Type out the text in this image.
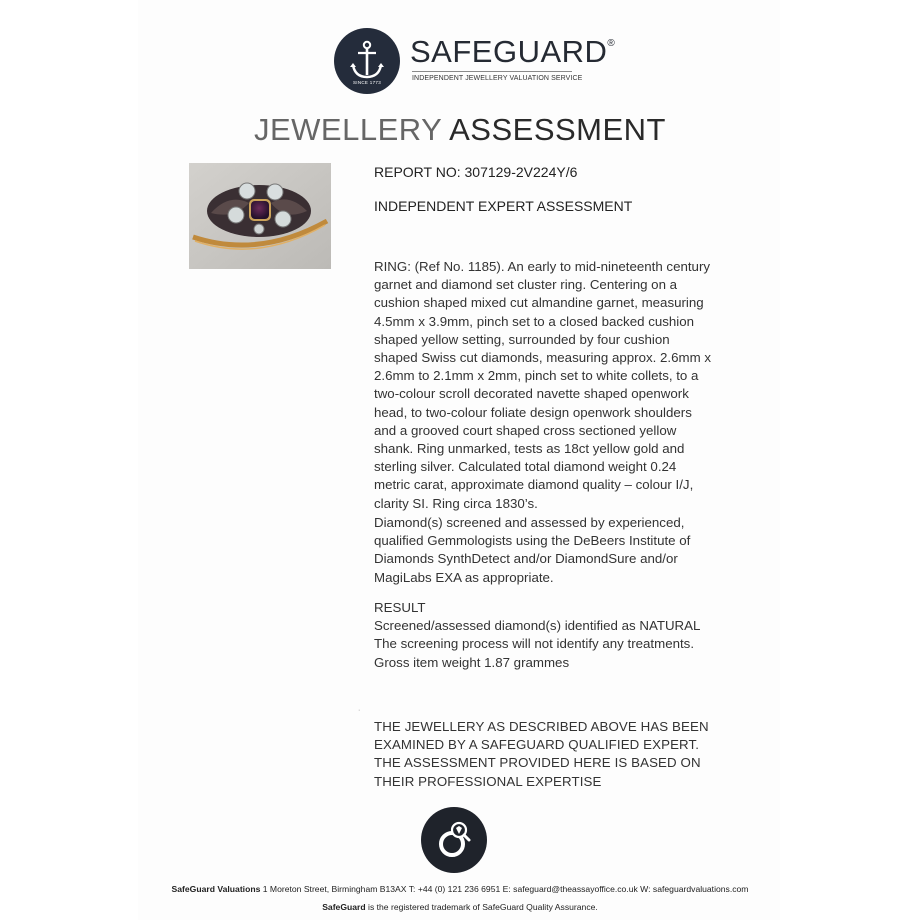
SINCE 1773
SAFEGUARD®
INDEPENDENT JEWELLERY VALUATION SERVICE
JEWELLERY ASSESSMENT
REPORT NO: 307129-2V224Y/6
INDEPENDENT EXPERT ASSESSMENT
RING: (Ref No. 1185). An early to mid-nineteenth century garnet and diamond set cluster ring. Centering on a cushion shaped mixed cut almandine garnet, measuring 4.5mm x 3.9mm, pinch set to a closed backed cushion shaped yellow setting, surrounded by four cushion shaped Swiss cut diamonds, measuring approx. 2.6mm x 2.6mm to 2.1mm x 2mm, pinch set to white collets, to a two-colour scroll decorated navette shaped openwork head, to two-colour foliate design openwork shoulders and a grooved court shaped cross sectioned yellow shank. Ring unmarked, tests as 18ct yellow gold and sterling silver. Calculated total diamond weight 0.24 metric carat, approximate diamond quality – colour I/J, clarity SI. Ring circa 1830’s.
Diamond(s) screened and assessed by experienced, qualified Gemmologists using the DeBeers Institute of Diamonds SynthDetect and/or DiamondSure and/or MagiLabs EXA as appropriate.
RESULT
Screened/assessed diamond(s) identified as NATURAL
The screening process will not identify any treatments.
Gross item weight 1.87 grammes
·
THE JEWELLERY AS DESCRIBED ABOVE HAS BEEN
EXAMINED BY A SAFEGUARD QUALIFIED EXPERT.
THE ASSESSMENT PROVIDED HERE IS BASED ON
THEIR PROFESSIONAL EXPERTISE
SafeGuard Valuations 1 Moreton Street, Birmingham B13AX T: +44 (0) 121 236 6951 E: safeguard@theassayoffice.co.uk W: safeguardvaluations.com
SafeGuard is the registered trademark of SafeGuard Quality Assurance.
